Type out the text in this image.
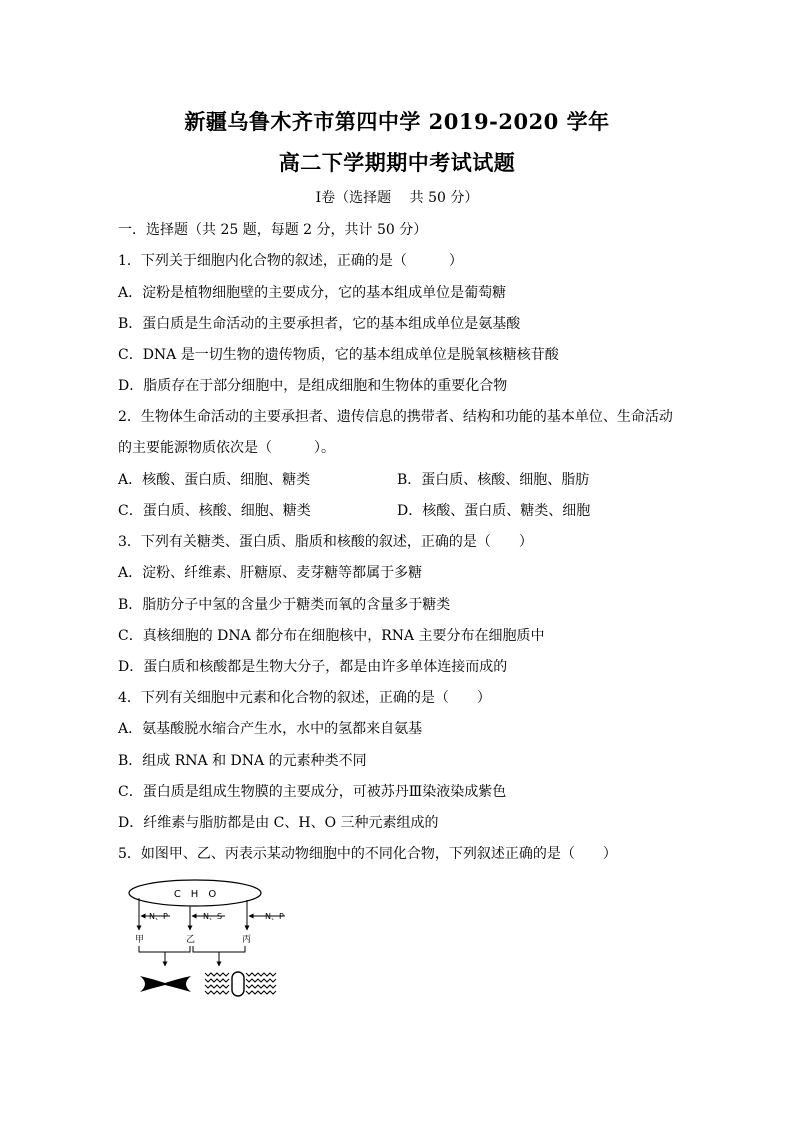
新疆乌鲁木齐市第四中学 2019-2020 学年
高二下学期期中考试试题
I卷（选择题　 共 50 分）
一．选择题（共 25 题，每题 2 分，共计 50 分）
1．下列关于细胞内化合物的叙述，正确的是（　　　）
A．淀粉是植物细胞壁的主要成分，它的基本组成单位是葡萄糖
B．蛋白质是生命活动的主要承担者，它的基本组成单位是氨基酸
C．DNA 是一切生物的遗传物质，它的基本组成单位是脱氧核糖核苷酸
D．脂质存在于部分细胞中，是组成细胞和生物体的重要化合物
2．生物体生命活动的主要承担者、遗传信息的携带者、结构和功能的基本单位、生命活动
的主要能源物质依次是（　　　）。
A．核酸、蛋白质、细胞、糖类	B．蛋白质、核酸、细胞、脂肪
C．蛋白质、核酸、细胞、糖类	D．核酸、蛋白质、糖类、细胞
3．下列有关糖类、蛋白质、脂质和核酸的叙述，正确的是（　　）
A．淀粉、纤维素、肝糖原、麦芽糖等都属于多糖
B．脂肪分子中氢的含量少于糖类而氧的含量多于糖类
C．真核细胞的 DNA 都分布在细胞核中，RNA 主要分布在细胞质中
D．蛋白质和核酸都是生物大分子，都是由许多单体连接而成的
4．下列有关细胞中元素和化合物的叙述，正确的是（　　）
A．氨基酸脱水缩合产生水，水中的氢都来自氨基
B．组成 RNA 和 DNA 的元素种类不同
C．蛋白质是组成生物膜的主要成分，可被苏丹Ⅲ染液染成紫色
D．纤维素与脂肪都是由 C、H、O 三种元素组成的
5．如图甲、乙、丙表示某动物细胞中的不同化合物，下列叙述正确的是（　　）
C　H　O
N、P	N、S	N、P
甲	乙	丙
